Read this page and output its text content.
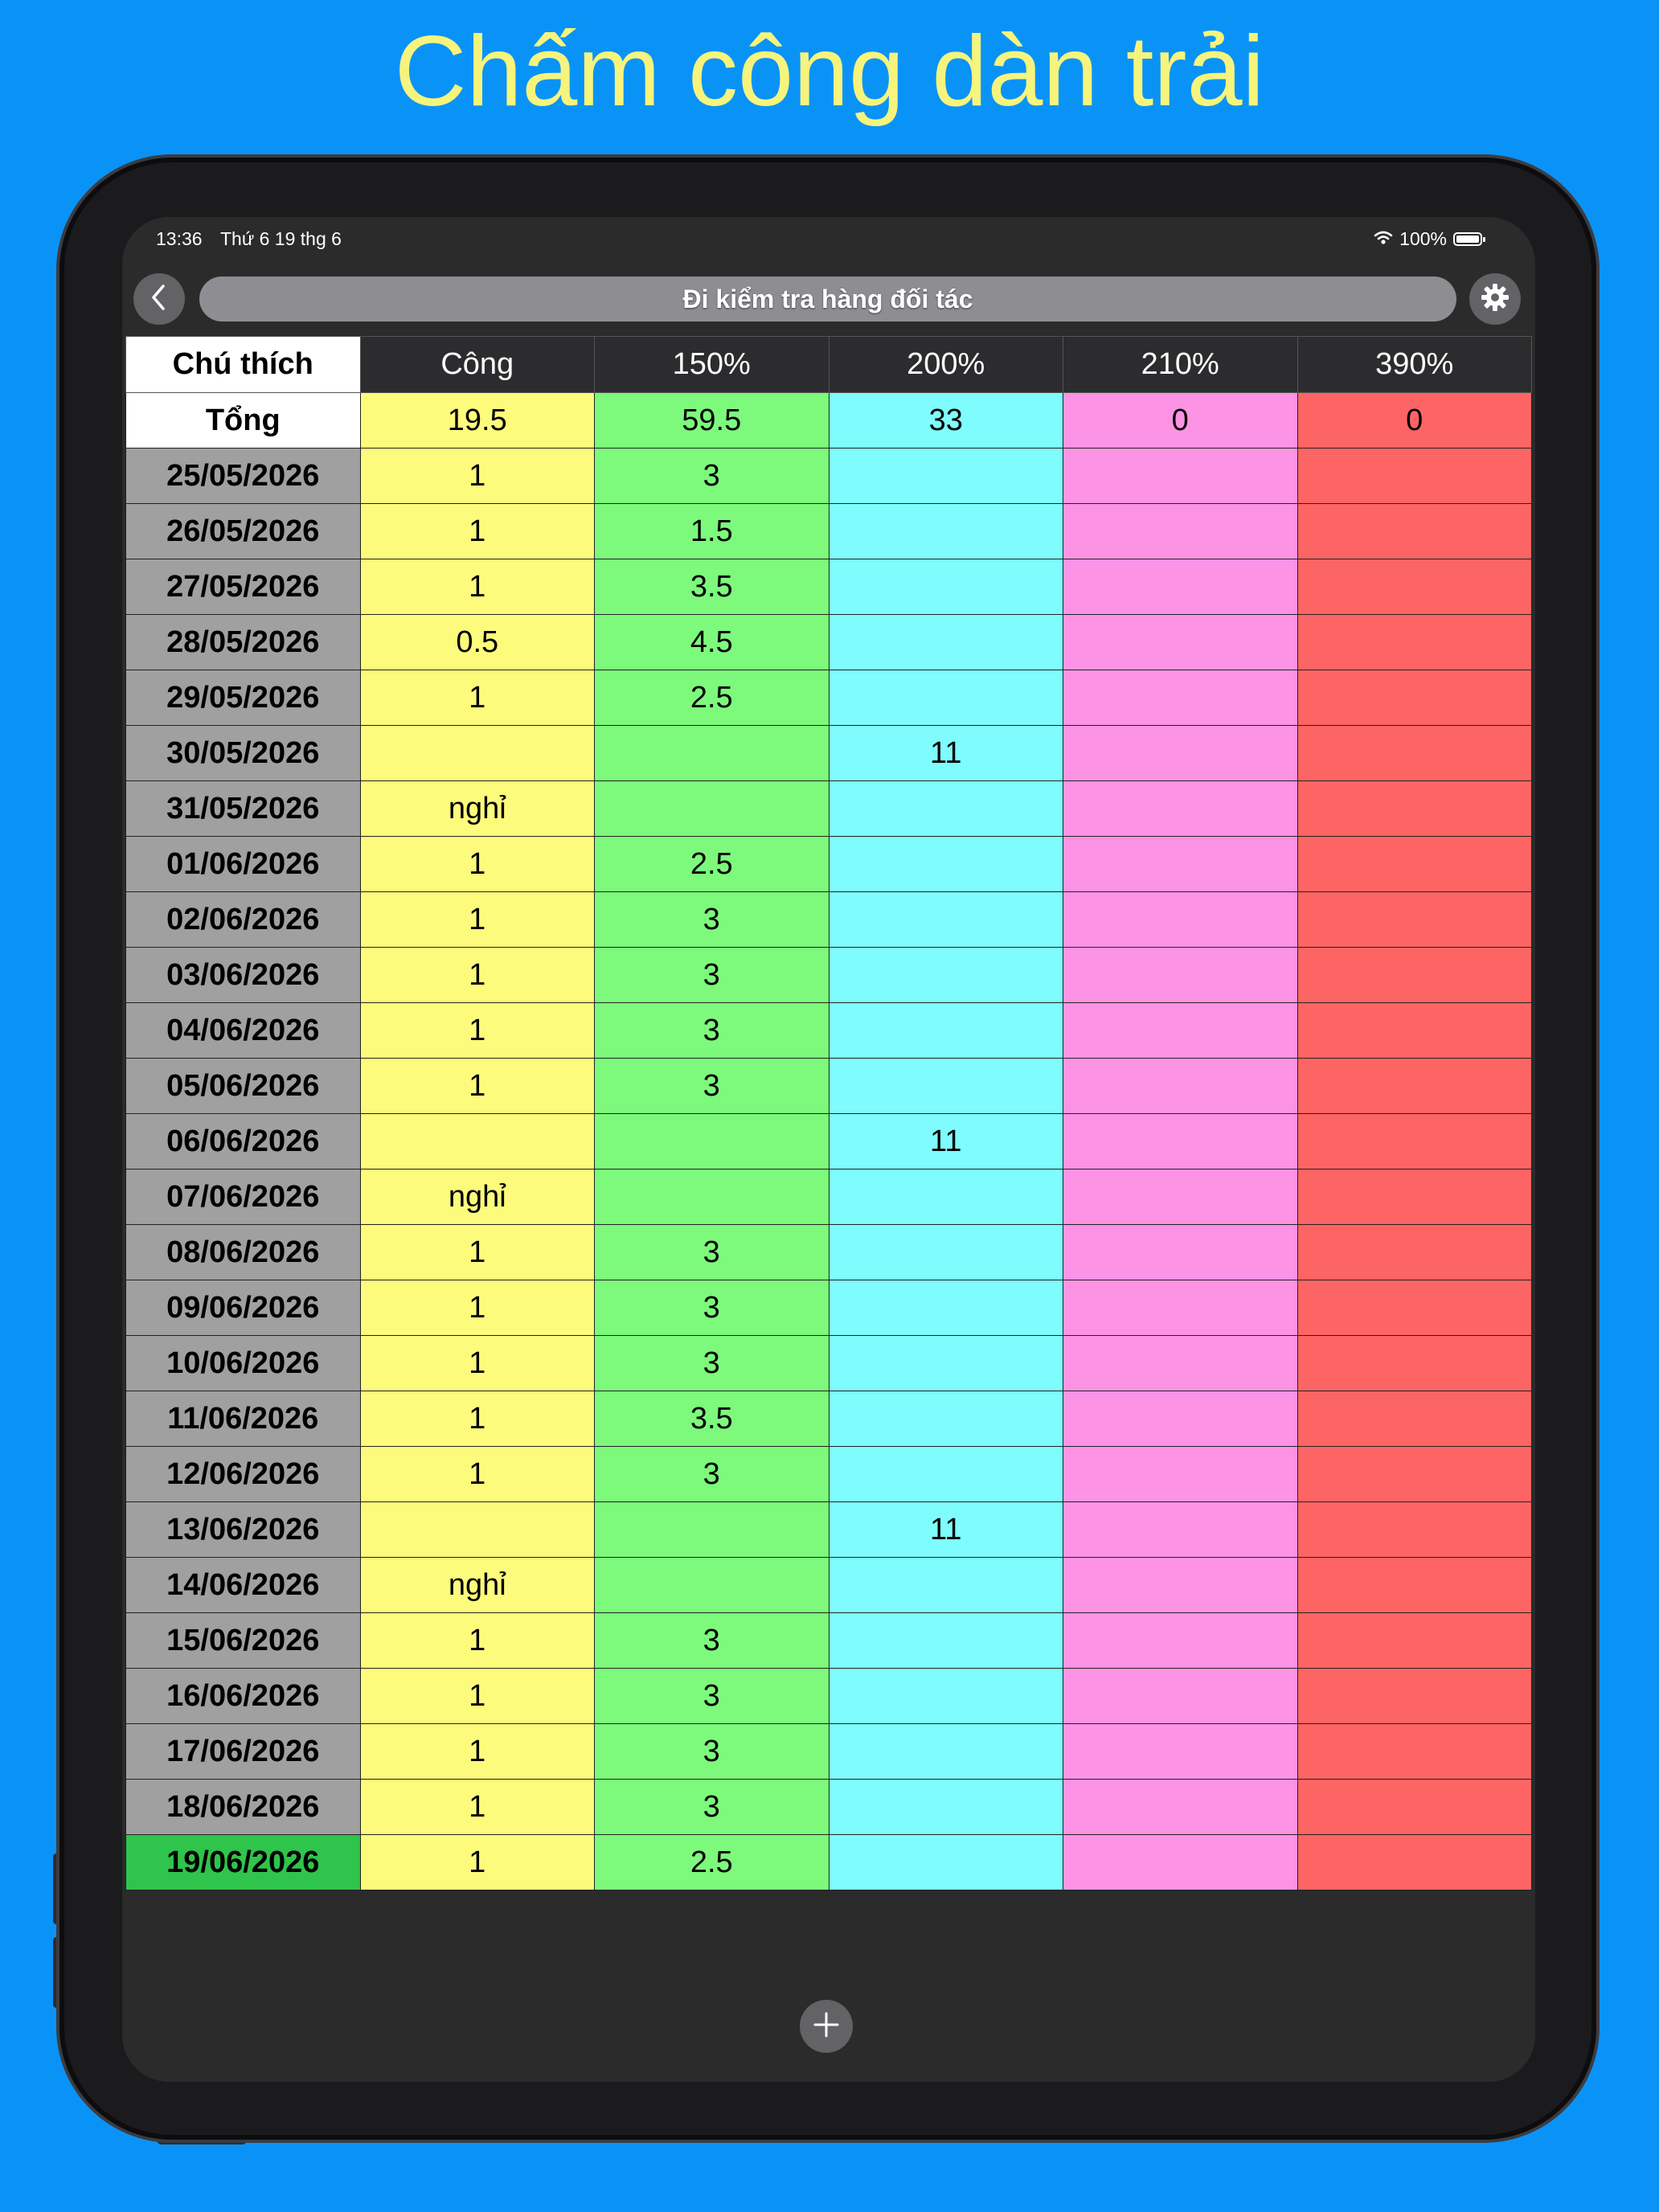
Chấm công dàn trải
13:36 Thứ 6 19 thg 6	100%
Đi kiểm tra hàng đối tác
Chú thích	Công	150%	200%	210%	390%
Tổng	19.5	59.5	33	0	0
25/05/2026	1	3			
26/05/2026	1	1.5			
27/05/2026	1	3.5			
28/05/2026	0.5	4.5			
29/05/2026	1	2.5			
30/05/2026			11		
31/05/2026	nghỉ				
01/06/2026	1	2.5			
02/06/2026	1	3			
03/06/2026	1	3			
04/06/2026	1	3			
05/06/2026	1	3			
06/06/2026			11		
07/06/2026	nghỉ				
08/06/2026	1	3			
09/06/2026	1	3			
10/06/2026	1	3			
11/06/2026	1	3.5			
12/06/2026	1	3			
13/06/2026			11		
14/06/2026	nghỉ				
15/06/2026	1	3			
16/06/2026	1	3			
17/06/2026	1	3			
18/06/2026	1	3			
19/06/2026	1	2.5			
